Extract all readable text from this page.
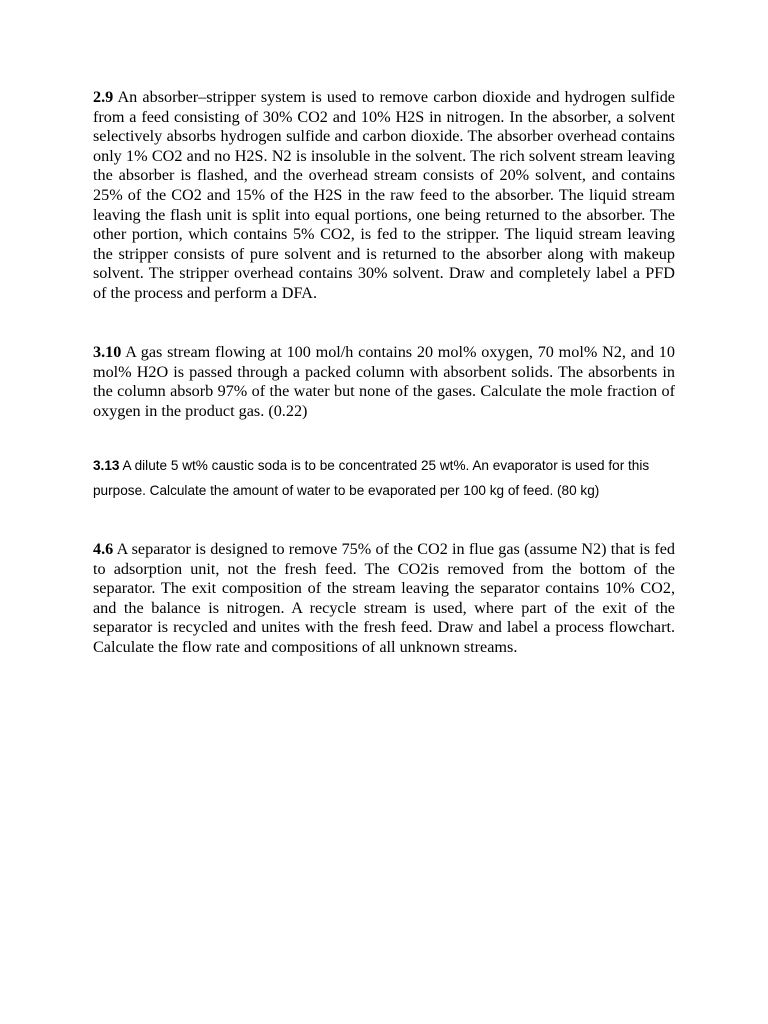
2.9 An absorber–stripper system is used to remove carbon dioxide and hydrogen sulfide from a feed consisting of 30% CO2 and 10% H2S in nitrogen. In the absorber, a solvent selectively absorbs hydrogen sulfide and carbon dioxide. The absorber overhead contains only 1% CO2 and no H2S. N2 is insoluble in the solvent. The rich solvent stream leaving the absorber is flashed, and the overhead stream consists of 20% solvent, and contains 25% of the CO2 and 15% of the H2S in the raw feed to the absorber. The liquid stream leaving the flash unit is split into equal portions, one being returned to the absorber. The other portion, which contains 5% CO2, is fed to the stripper. The liquid stream leaving the stripper consists of pure solvent and is returned to the absorber along with makeup solvent. The stripper overhead contains 30% solvent. Draw and completely label a PFD of the process and perform a DFA.

3.10 A gas stream flowing at 100 mol/h contains 20 mol% oxygen, 70 mol% N2, and 10 mol% H2O is passed through a packed column with absorbent solids. The absorbents in the column absorb 97% of the water but none of the gases. Calculate the mole fraction of oxygen in the product gas. (0.22)

3.13 A dilute 5 wt% caustic soda is to be concentrated 25 wt%. An evaporator is used for this purpose. Calculate the amount of water to be evaporated per 100 kg of feed. (80 kg)

4.6 A separator is designed to remove 75% of the CO2 in flue gas (assume N2) that is fed to adsorption unit, not the fresh feed. The CO2is removed from the bottom of the separator. The exit composition of the stream leaving the separator contains 10% CO2, and the balance is nitrogen. A recycle stream is used, where part of the exit of the separator is recycled and unites with the fresh feed. Draw and label a process flowchart. Calculate the flow rate and compositions of all unknown streams.
